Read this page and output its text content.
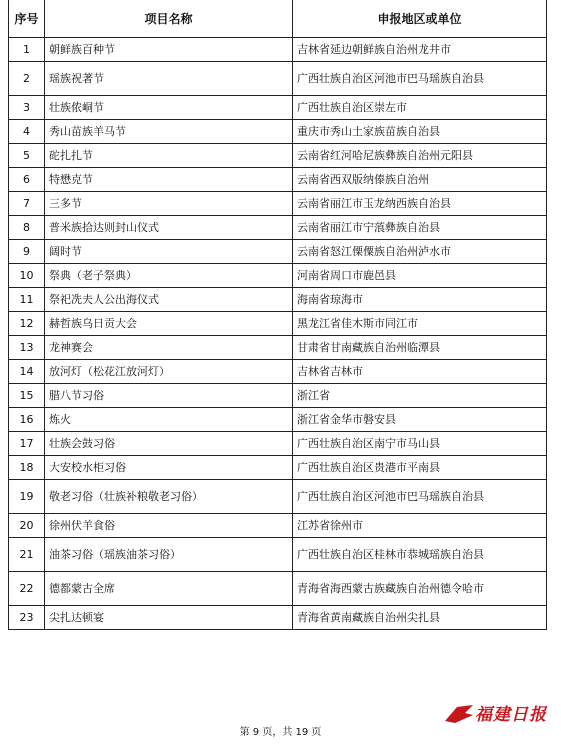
序号	项目名称	申报地区或单位
1	朝鲜族百种节	吉林省延边朝鲜族自治州龙井市
2	瑶族祝著节	广西壮族自治区河池市巴马瑶族自治县
3	壮族侬峒节	广西壮族自治区崇左市
4	秀山苗族羊马节	重庆市秀山土家族苗族自治县
5	砣扎扎节	云南省红河哈尼族彝族自治州元阳县
6	特懋克节	云南省西双版纳傣族自治州
7	三多节	云南省丽江市玉龙纳西族自治县
8	普米族拾达则封山仪式	云南省丽江市宁蒗彝族自治县
9	阔时节	云南省怒江傈僳族自治州泸水市
10	祭典（老子祭典）	河南省周口市鹿邑县
11	祭祀冼夫人公出海仪式	海南省琼海市
12	赫哲族乌日贡大会	黑龙江省佳木斯市同江市
13	龙神赛会	甘肃省甘南藏族自治州临潭县
14	放河灯（松花江放河灯）	吉林省吉林市
15	腊八节习俗	浙江省
16	炼火	浙江省金华市磐安县
17	壮族会鼓习俗	广西壮族自治区南宁市马山县
18	大安校水柜习俗	广西壮族自治区贵港市平南县
19	敬老习俗（壮族补粮敬老习俗）	广西壮族自治区河池市巴马瑶族自治县
20	徐州伏羊食俗	江苏省徐州市
21	油茶习俗（瑶族油茶习俗）	广西壮族自治区桂林市恭城瑶族自治县
22	德都蒙古全席	青海省海西蒙古族藏族自治州德令哈市
23	尖扎达顿宴	青海省黄南藏族自治州尖扎县
第 9 页，共 19 页
福建日报
